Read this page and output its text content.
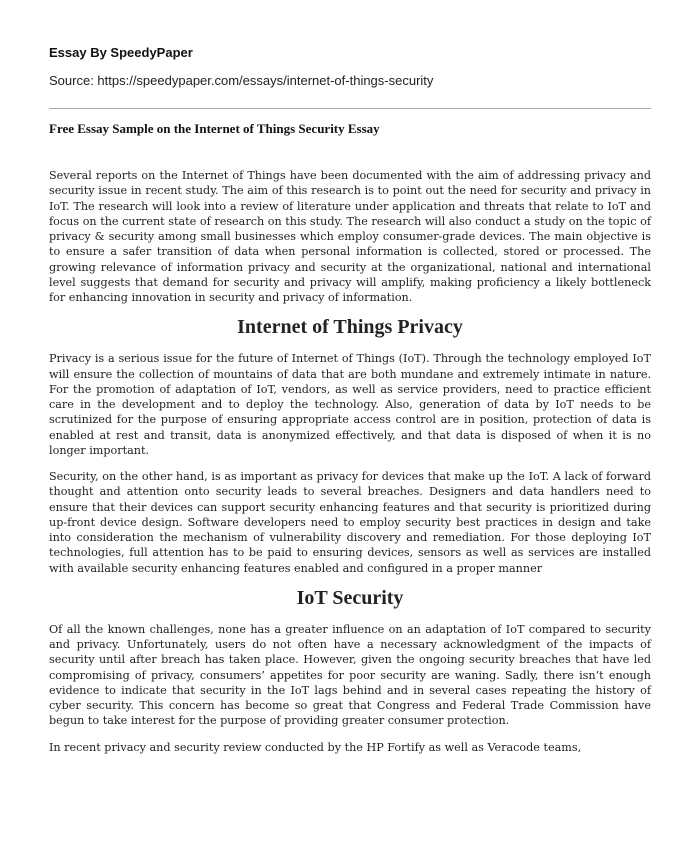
Essay By SpeedyPaper
Source: https://speedypaper.com/essays/internet-of-things-security
Free Essay Sample on the Internet of Things Security Essay

Several reports on the Internet of Things have been documented with the aim of addressing privacy and security issue in recent study. The aim of this research is to point out the need for security and privacy in IoT. The research will look into a review of literature under application and threats that relate to IoT and focus on the current state of research on this study. The research will also conduct a study on the topic of privacy & security among small businesses which employ consumer-grade devices. The main objective is to ensure a safer transition of data when personal information is collected, stored or processed. The growing relevance of information privacy and security at the organizational, national and international level suggests that demand for security and privacy will amplify, making proficiency a likely bottleneck for enhancing innovation in security and privacy of information.

Internet of Things Privacy

Privacy is a serious issue for the future of Internet of Things (IoT). Through the technology employed IoT will ensure the collection of mountains of data that are both mundane and extremely intimate in nature. For the promotion of adaptation of IoT, vendors, as well as service providers, need to practice efficient care in the development and to deploy the technology. Also, generation of data by IoT needs to be scrutinized for the purpose of ensuring appropriate access control are in position, protection of data is enabled at rest and transit, data is anonymized effectively, and that data is disposed of when it is no longer important.

Security, on the other hand, is as important as privacy for devices that make up the IoT. A lack of forward thought and attention onto security leads to several breaches. Designers and data handlers need to ensure that their devices can support security enhancing features and that security is prioritized during up-front device design. Software developers need to employ security best practices in design and take into consideration the mechanism of vulnerability discovery and remediation. For those deploying IoT technologies, full attention has to be paid to ensuring devices, sensors as well as services are installed with available security enhancing features enabled and configured in a proper manner

IoT Security

Of all the known challenges, none has a greater influence on an adaptation of IoT compared to security and privacy. Unfortunately, users do not often have a necessary acknowledgment of the impacts of security until after breach has taken place. However, given the ongoing security breaches that have led compromising of privacy, consumers’ appetites for poor security are waning. Sadly, there isn’t enough evidence to indicate that security in the IoT lags behind and in several cases repeating the history of cyber security. This concern has become so great that Congress and Federal Trade Commission have begun to take interest for the purpose of providing greater consumer protection.

In recent privacy and security review conducted by the HP Fortify as well as Veracode teams,
